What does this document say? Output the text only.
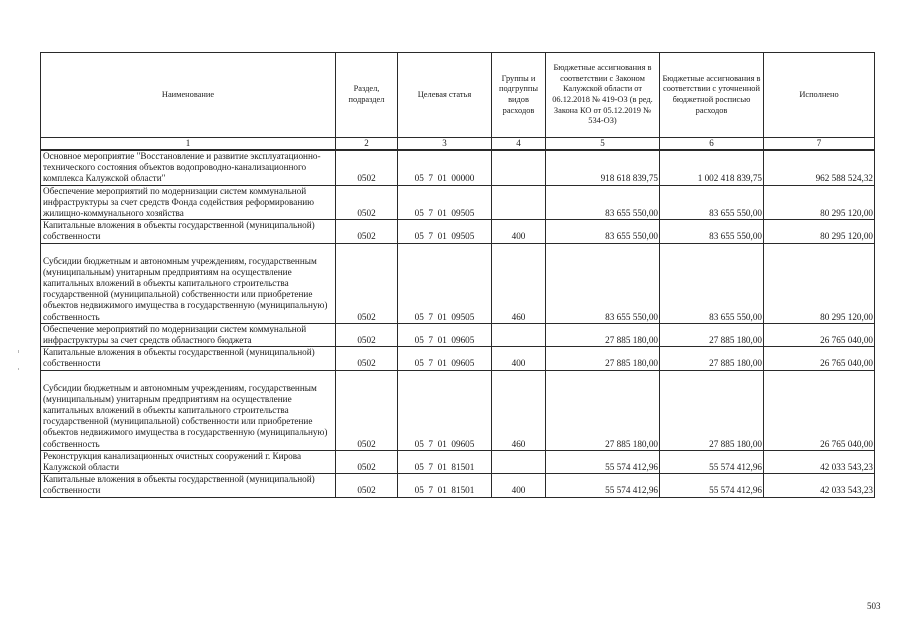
Наименование	Раздел, подраздел	Целевая статья	Группы и подгруппы видов расходов	Бюджетные ассигнования в соответствии с Законом Калужской области от 06.12.2018 № 419-ОЗ (в ред. Закона КО от 05.12.2019 № 534-ОЗ)	Бюджетные ассигнования в соответствии с уточненной бюджетной росписью расходов	Исполнено
1	2	3	4	5	6	7
Основное мероприятие "Восстановление и развитие эксплуатационно-технического состояния объектов водопроводно-канализационного комплекса Калужской области"	0502	05  7  01  00000		918 618 839,75	1 002 418 839,75	962 588 524,32
Обеспечение мероприятий по модернизации систем коммунальной инфраструктуры за счет средств Фонда содействия реформированию жилищно-коммунального хозяйства	0502	05  7  01  09505		83 655 550,00	83 655 550,00	80 295 120,00
Капитальные вложения в объекты государственной (муниципальной) собственности	0502	05  7  01  09505	400	83 655 550,00	83 655 550,00	80 295 120,00
Субсидии бюджетным и автономным учреждениям, государственным (муниципальным) унитарным предприятиям на осуществление капитальных вложений в объекты капитального строительства государственной (муниципальной) собственности или приобретение объектов недвижимого имущества в государственную (муниципальную) собственность	0502	05  7  01  09505	460	83 655 550,00	83 655 550,00	80 295 120,00
Обеспечение мероприятий по модернизации систем коммунальной инфраструктуры за счет средств областного бюджета	0502	05  7  01  09605		27 885 180,00	27 885 180,00	26 765 040,00
Капитальные вложения в объекты государственной (муниципальной) собственности	0502	05  7  01  09605	400	27 885 180,00	27 885 180,00	26 765 040,00
Субсидии бюджетным и автономным учреждениям, государственным (муниципальным) унитарным предприятиям на осуществление капитальных вложений в объекты капитального строительства государственной (муниципальной) собственности или приобретение объектов недвижимого имущества в государственную (муниципальную) собственность	0502	05  7  01  09605	460	27 885 180,00	27 885 180,00	26 765 040,00
Реконструкция канализационных очистных сооружений г. Кирова Калужской области	0502	05  7  01  81501		55 574 412,96	55 574 412,96	42 033 543,23
Капитальные вложения в объекты государственной (муниципальной) собственности	0502	05  7  01  81501	400	55 574 412,96	55 574 412,96	42 033 543,23
503
